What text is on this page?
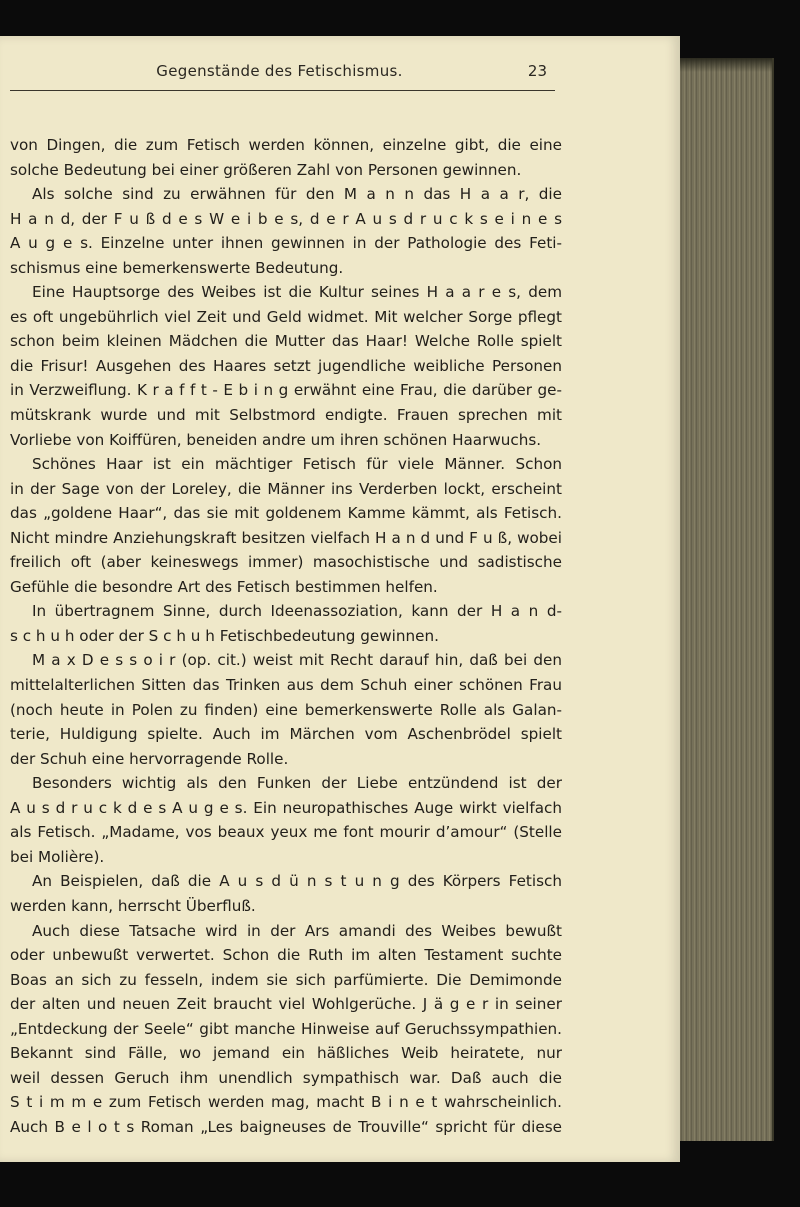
Gegenstände des Fetischismus.	23
von Dingen, die zum Fetisch werden können, einzelne gibt, die eine
solche Bedeutung bei einer größeren Zahl von Personen gewinnen.
Als solche sind zu erwähnen für den M a n n das H a a r, die
H a n d, der F u ß d e s W e i b e s, d e r A u s d r u c k s e i n e s
A u g e s. Einzelne unter ihnen gewinnen in der Pathologie des Feti-
schismus eine bemerkenswerte Bedeutung.
Eine Hauptsorge des Weibes ist die Kultur seines H a a r e s, dem
es oft ungebührlich viel Zeit und Geld widmet. Mit welcher Sorge pflegt
schon beim kleinen Mädchen die Mutter das Haar! Welche Rolle spielt
die Frisur! Ausgehen des Haares setzt jugendliche weibliche Personen
in Verzweiflung. K r a f f t - E b i n g erwähnt eine Frau, die darüber ge-
mütskrank wurde und mit Selbstmord endigte. Frauen sprechen mit
Vorliebe von Koiffüren, beneiden andre um ihren schönen Haarwuchs.
Schönes Haar ist ein mächtiger Fetisch für viele Männer. Schon
in der Sage von der Loreley, die Männer ins Verderben lockt, erscheint
das „goldene Haar“, das sie mit goldenem Kamme kämmt, als Fetisch.
Nicht mindre Anziehungskraft besitzen vielfach H a n d und F u ß, wobei
freilich oft (aber keineswegs immer) masochistische und sadistische
Gefühle die besondre Art des Fetisch bestimmen helfen.
In übertragnem Sinne, durch Ideenassoziation, kann der H a n d-
s c h u h oder der S c h u h Fetischbedeutung gewinnen.
M a x D e s s o i r (op. cit.) weist mit Recht darauf hin, daß bei den
mittelalterlichen Sitten das Trinken aus dem Schuh einer schönen Frau
(noch heute in Polen zu finden) eine bemerkenswerte Rolle als Galan-
terie, Huldigung spielte. Auch im Märchen vom Aschenbrödel spielt
der Schuh eine hervorragende Rolle.
Besonders wichtig als den Funken der Liebe entzündend ist der
A u s d r u c k d e s A u g e s. Ein neuropathisches Auge wirkt vielfach
als Fetisch. „Madame, vos beaux yeux me font mourir d’amour“ (Stelle
bei Molière).
An Beispielen, daß die A u s d ü n s t u n g des Körpers Fetisch
werden kann, herrscht Überfluß.
Auch diese Tatsache wird in der Ars amandi des Weibes bewußt
oder unbewußt verwertet. Schon die Ruth im alten Testament suchte
Boas an sich zu fesseln, indem sie sich parfümierte. Die Demimonde
der alten und neuen Zeit braucht viel Wohlgerüche. J ä g e r in seiner
„Entdeckung der Seele“ gibt manche Hinweise auf Geruchssympathien.
Bekannt sind Fälle, wo jemand ein häßliches Weib heiratete, nur
weil dessen Geruch ihm unendlich sympathisch war. Daß auch die
S t i m m e zum Fetisch werden mag, macht B i n e t wahrscheinlich.
Auch B e l o t s Roman „Les baigneuses de Trouville“ spricht für diese
